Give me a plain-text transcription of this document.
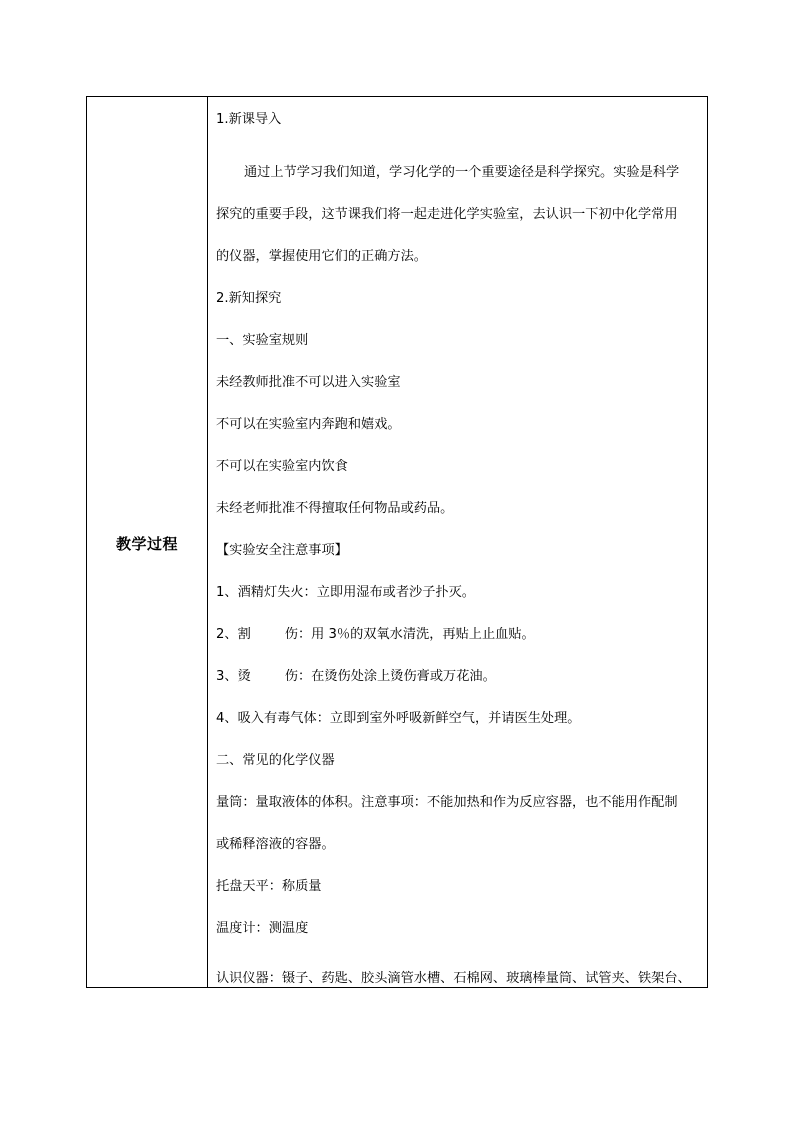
教学过程
1.新课导入
通过上节学习我们知道，学习化学的一个重要途径是科学探究。实验是科学
探究的重要手段，这节课我们将一起走进化学实验室，去认识一下初中化学常用
的仪器，掌握使用它们的正确方法。
2.新知探究
一、实验室规则
未经教师批准不可以进入实验室
不可以在实验室内奔跑和嬉戏。
不可以在实验室内饮食
未经老师批准不得擅取任何物品或药品。
【实验安全注意事项】
1、酒精灯失火：立即用湿布或者沙子扑灭。
2、割	伤：用 3％的双氧水清洗，再贴上止血贴。
3、烫	伤：在烫伤处涂上烫伤膏或万花油。
4、吸入有毒气体：立即到室外呼吸新鲜空气，并请医生处理。
二、常见的化学仪器
量筒：量取液体的体积。注意事项：不能加热和作为反应容器，也不能用作配制
或稀释溶液的容器。
托盘天平：称质量
温度计：测温度
认识仪器：镊子、药匙、胶头滴管水槽、石棉网、玻璃棒量筒、试管夹、铁架台、
